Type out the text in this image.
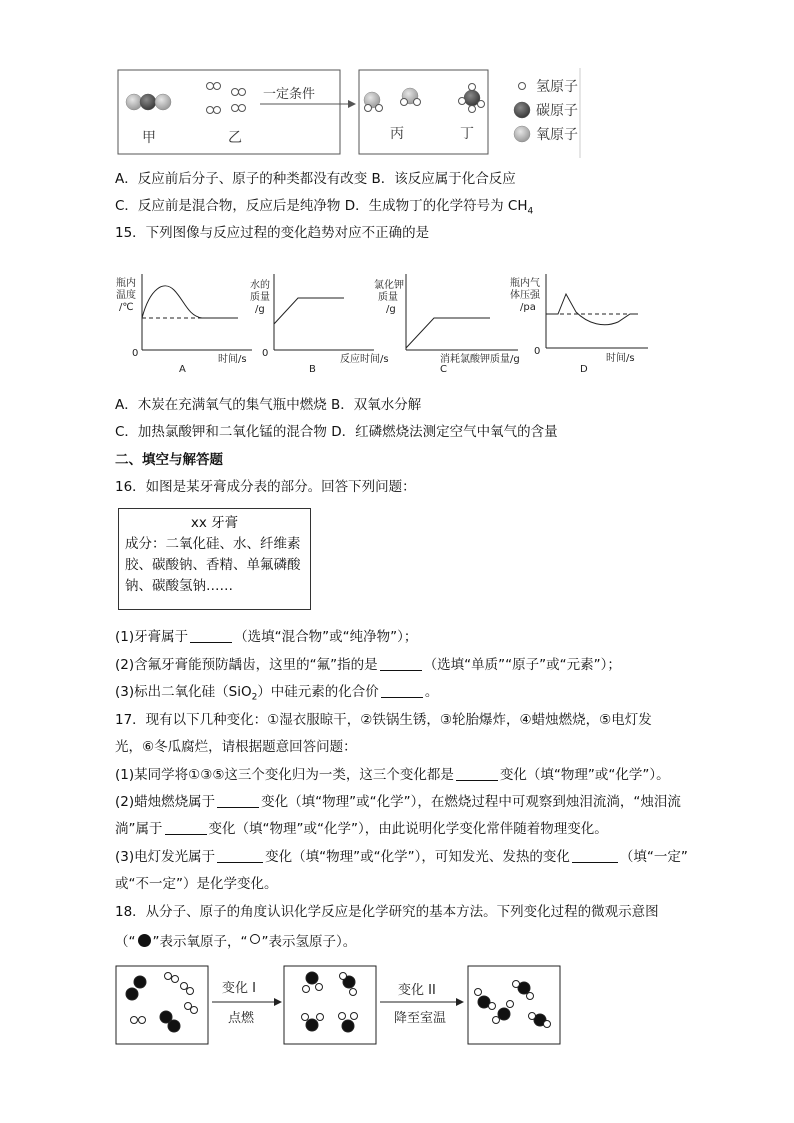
甲	乙
一定条件
丙	丁
氢原子
碳原子
氧原子
A．反应前后分子、原子的种类都没有改变 B．该反应属于化合反应
C．反应前是混合物，反应后是纯净物 D．生成物丁的化学符号为 $CH_4$
15．下列图像与反应过程的变化趋势对应不正确的是
瓶内
温度
/℃
0
时间/s
A
水的
质量
/g
0
反应时间/s
B
氯化钾
质量
/g
消耗氯酸钾质量/g
C
瓶内气
体压强
/pa
0
时间/s
D
A．木炭在充满氧气的集气瓶中燃烧 B．双氧水分解
C．加热氯酸钾和二氧化锰的混合物 D．红磷燃烧法测定空气中氧气的含量
二、填空与解答题
16．如图是某牙膏成分表的部分。回答下列问题：
xx 牙膏
成分：二氧化硅、水、纤维素
胶、碳酸钠、香精、单氟磷酸
钠、碳酸氢钠……
(1)牙膏属于	（选填“混合物”或“纯净物”）；
(2)含氟牙膏能预防龋齿，这里的“氟”指的是	（选填“单质”“原子”或“元素”）；
(3)标出二氧化硅（SiO$_2$）中硅元素的化合价	。
17．现有以下几种变化：①湿衣服晾干，②铁锅生锈，③轮胎爆炸，④蜡烛燃烧，⑤电灯发
光，⑥冬瓜腐烂，请根据题意回答问题：
(1)某同学将①③⑤这三个变化归为一类，这三个变化都是	变化（填“物理”或“化学”）。
(2)蜡烛燃烧属于	变化（填“物理”或“化学”），在燃烧过程中可观察到烛泪流淌，“烛泪流
淌”属于	变化（填“物理”或“化学”），由此说明化学变化常伴随着物理变化。
(3)电灯发光属于	变化（填“物理”或“化学”），可知发光、发热的变化	（填“一定”
或“不一定”）是化学变化。
18．从分子、原子的角度认识化学反应是化学研究的基本方法。下列变化过程的微观示意图
（“ ”表示氧原子，“ ”表示氢原子）。
变化 I
点燃
变化 II
降至室温
